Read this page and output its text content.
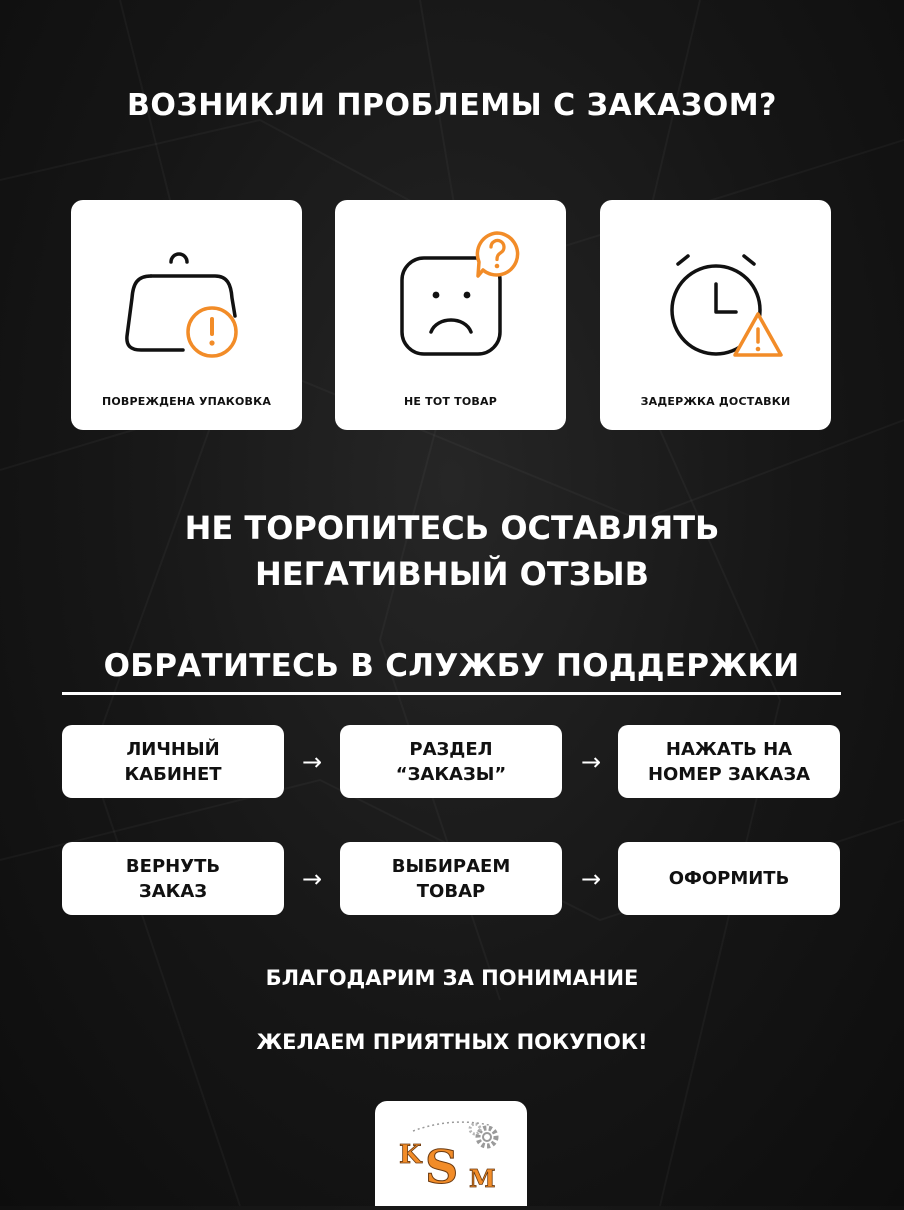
ВОЗНИКЛИ ПРОБЛЕМЫ С ЗАКАЗОМ?
ПОВРЕЖДЕНА УПАКОВКА	НЕ ТОТ ТОВАР	ЗАДЕРЖКА ДОСТАВКИ
НЕ ТОРОПИТЕСЬ ОСТАВЛЯТЬ
НЕГАТИВНЫЙ ОТЗЫВ
ОБРАТИТЕСЬ В СЛУЖБУ ПОДДЕРЖКИ
ЛИЧНЫЙ
КАБИНЕТ	→	РАЗДЕЛ
“ЗАКАЗЫ”	→	НАЖАТЬ НА
НОМЕР ЗАКАЗА
ВЕРНУТЬ
ЗАКАЗ	→	ВЫБИРАЕМ
ТОВАР	→	ОФОРМИТЬ
БЛАГОДАРИМ ЗА ПОНИМАНИЕ
ЖЕЛАЕМ ПРИЯТНЫХ ПОКУПОК!
K S M
